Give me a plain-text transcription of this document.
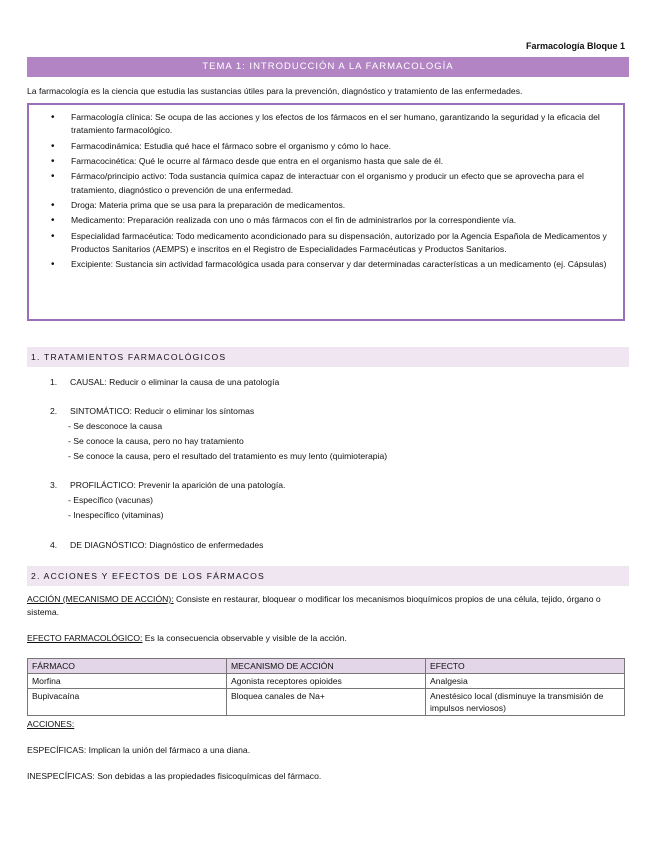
Farmacología Bloque 1
TEMA 1: INTRODUCCIÓN A LA FARMACOLOGÍA
La farmacología es la ciencia que estudia las sustancias útiles para la prevención, diagnóstico y tratamiento de las enfermedades.
• Farmacología clínica: Se ocupa de las acciones y los efectos de los fármacos en el ser humano, garantizando la seguridad y la eficacia del tratamiento farmacológico.
• Farmacodinámica: Estudia qué hace el fármaco sobre el organismo y cómo lo hace.
• Farmacocinética: Qué le ocurre al fármaco desde que entra en el organismo hasta que sale de él.
• Fármaco/principio activo: Toda sustancia química capaz de interactuar con el organismo y producir un efecto que se aprovecha para el tratamiento, diagnóstico o prevención de una enfermedad.
• Droga: Materia prima que se usa para la preparación de medicamentos.
• Medicamento: Preparación realizada con uno o más fármacos con el fin de administrarlos por la correspondiente vía.
• Especialidad farmacéutica: Todo medicamento acondicionado para su dispensación, autorizado por la Agencia Española de Medicamentos y Productos Sanitarios (AEMPS) e inscritos en el Registro de Especialidades Farmacéuticas y Productos Sanitarios.
• Excipiente: Sustancia sin actividad farmacológica usada para conservar y dar determinadas características a un medicamento (ej. Cápsulas)
1. TRATAMIENTOS FARMACOLÓGICOS
1.	CAUSAL: Reducir o eliminar la causa de una patología
2.	SINTOMÁTICO: Reducir o eliminar los síntomas
- Se desconoce la causa
- Se conoce la causa, pero no hay tratamiento
- Se conoce la causa, pero el resultado del tratamiento es muy lento (quimioterapia)
3.	PROFILÁCTICO: Prevenir la aparición de una patología.
- Específico (vacunas)
- Inespecífico (vitaminas)
4.	DE DIAGNÓSTICO: Diagnóstico de enfermedades
2. ACCIONES Y EFECTOS DE LOS FÁRMACOS
ACCIÓN (MECANISMO DE ACCIÓN): Consiste en restaurar, bloquear o modificar los mecanismos bioquímicos propios de una célula, tejido, órgano o sistema.
EFECTO FARMACOLÓGICO: Es la consecuencia observable y visible de la acción.
FÁRMACO	MECANISMO DE ACCIÓN	EFECTO
Morfina	Agonista receptores opioides	Analgesia
Bupivacaína	Bloquea canales de Na+	Anestésico local (disminuye la transmisión de impulsos nerviosos)
ACCIONES:
ESPECÍFICAS: Implican la unión del fármaco a una diana.
INESPECÍFICAS: Son debidas a las propiedades fisicoquímicas del fármaco.
